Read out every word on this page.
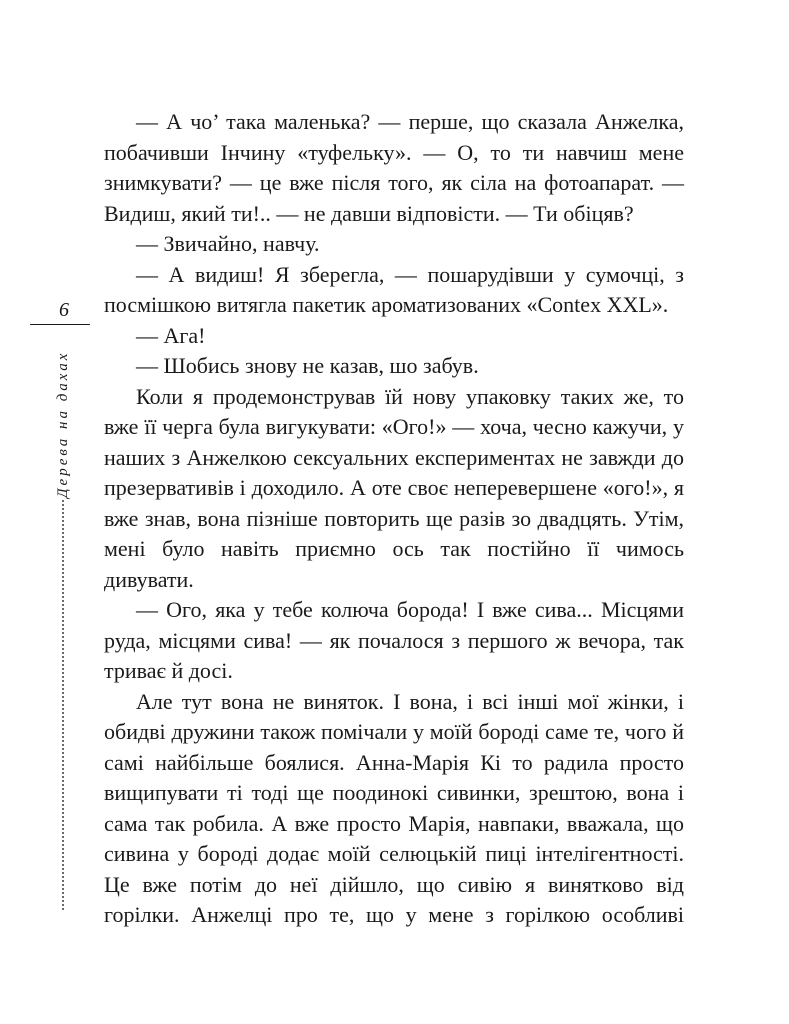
6
Дерева на дахах

— А чо’ така маленька? — перше, що сказала Анжелка, побачивши Інчину «туфельку». — О, то ти навчиш мене знимкувати? — це вже після того, як сіла на фотоапарат. — Видиш, який ти!.. — не давши відповісти. — Ти обіцяв?

— Звичайно, навчу.

— А видиш! Я зберегла, — пошарудівши у сумочці, з посмішкою витягла пакетик ароматизованих «Contex XXL».

— Ага!

— Шобись знову не казав, шо забув.

Коли я продемонстрував їй нову упаковку таких же, то вже її черга була вигукувати: «Ого!» — хоча, чесно кажучи, у наших з Анжелкою сексуальних експериментах не завжди до презервативів і доходило. А оте своє неперевершене «ого!», я вже знав, вона пізніше повторить ще разів зо двадцять. Утім, мені було навіть приємно ось так постійно її чимось дивувати.

— Ого, яка у тебе колюча борода! І вже сива... Місцями руда, місцями сива! — як почалося з першого ж вечора, так триває й досі.

Але тут вона не виняток. І вона, і всі інші мої жінки, і обидві дружини також помічали у моїй бороді саме те, чого й самі найбільше боялися. Анна-Марія Кі то радила просто вищипувати ті тоді ще поодинокі сивинки, зрештою, вона і сама так робила. А вже просто Марія, навпаки, вважала, що сивина у бороді додає моїй селюцькій пиці інтелігентності. Це вже потім до неї дійшло, що сивію я винятково від горілки. Анжелці про те, що у мене з горілкою особливі
